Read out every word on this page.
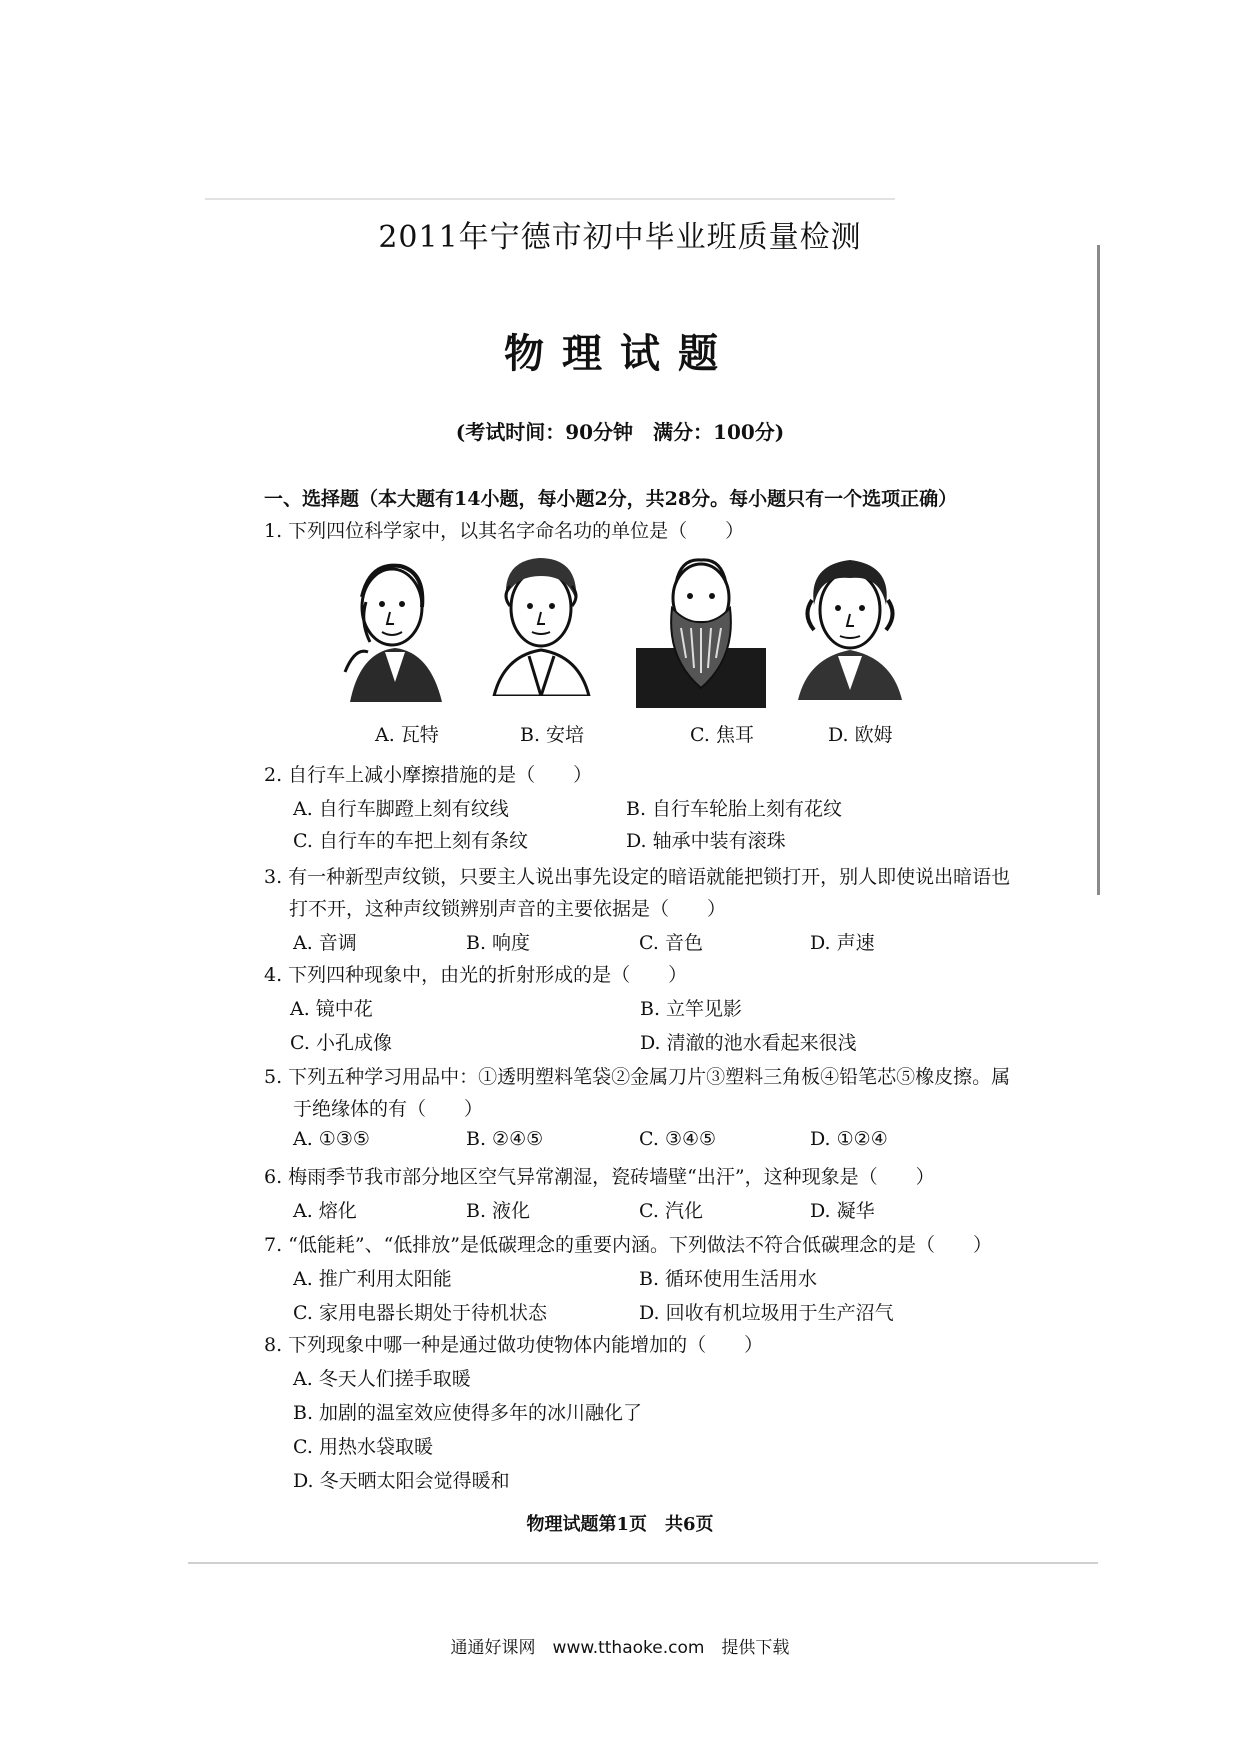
2011年宁德市初中毕业班质量检测
物理试题
(考试时间：90分钟　满分：100分)
一、选择题（本大题有14小题，每小题2分，共28分。每小题只有一个选项正确）
1. 下列四位科学家中，以其名字命名功的单位是（　　）
A. 瓦特	B. 安培	C. 焦耳	D. 欧姆
2. 自行车上减小摩擦措施的是（　　）
A. 自行车脚蹬上刻有纹线	B. 自行车轮胎上刻有花纹
C. 自行车的车把上刻有条纹	D. 轴承中装有滚珠
3. 有一种新型声纹锁，只要主人说出事先设定的暗语就能把锁打开，别人即使说出暗语也
打不开，这种声纹锁辨别声音的主要依据是（　　）
A. 音调	B. 响度	C. 音色	D. 声速
4. 下列四种现象中，由光的折射形成的是（　　）
A. 镜中花	B. 立竿见影
C. 小孔成像	D. 清澈的池水看起来很浅
5. 下列五种学习用品中：①透明塑料笔袋②金属刀片③塑料三角板④铅笔芯⑤橡皮擦。属
于绝缘体的有（　　）
A. ①③⑤	B. ②④⑤	C. ③④⑤	D. ①②④
6. 梅雨季节我市部分地区空气异常潮湿，瓷砖墙壁“出汗”，这种现象是（　　）
A. 熔化	B. 液化	C. 汽化	D. 凝华
7. “低能耗”、“低排放”是低碳理念的重要内涵。下列做法不符合低碳理念的是（　　）
A. 推广利用太阳能	B. 循环使用生活用水
C. 家用电器长期处于待机状态	D. 回收有机垃圾用于生产沼气
8. 下列现象中哪一种是通过做功使物体内能增加的（　　）
A. 冬天人们搓手取暖
B. 加剧的温室效应使得多年的冰川融化了
C. 用热水袋取暖
D. 冬天晒太阳会觉得暖和
物理试题第1页　共6页
通通好课网　www.tthaoke.com　提供下载
